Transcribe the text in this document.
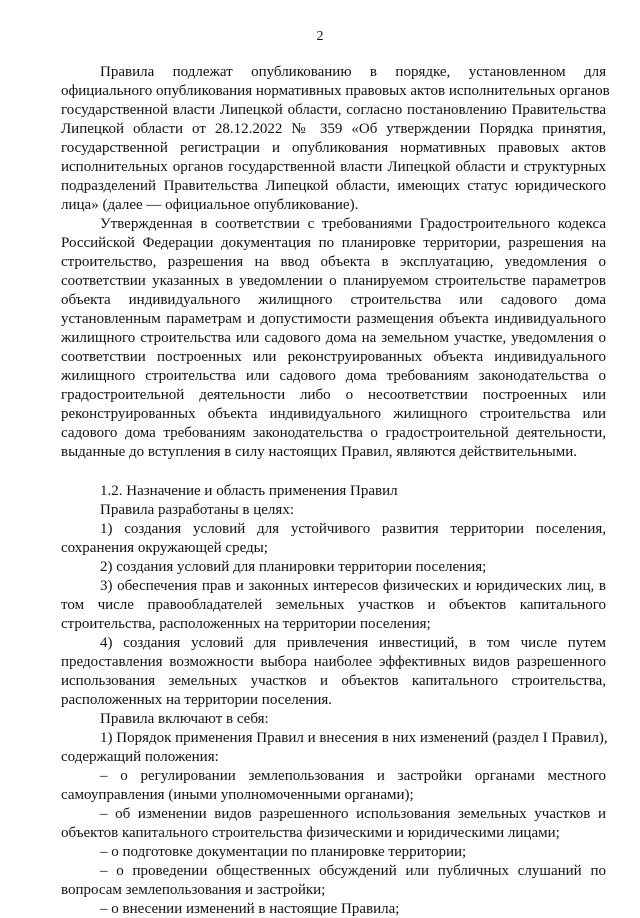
2
Правила подлежат опубликованию в порядке, установленном для
официального опубликования нормативных правовых актов исполнительных органов
государственной власти Липецкой области, согласно постановлению Правительства
Липецкой области от 28.12.2022 № 359 «Об утверждении Порядка принятия,
государственной регистрации и опубликования нормативных правовых актов
исполнительных органов государственной власти Липецкой области и структурных
подразделений Правительства Липецкой области, имеющих статус юридического
лица» (далее — официальное опубликование).
Утвержденная в соответствии с требованиями Градостроительного кодекса
Российской Федерации документация по планировке территории, разрешения на
строительство, разрешения на ввод объекта в эксплуатацию, уведомления о
соответствии указанных в уведомлении о планируемом строительстве параметров
объекта индивидуального жилищного строительства или садового дома
установленным параметрам и допустимости размещения объекта индивидуального
жилищного строительства или садового дома на земельном участке, уведомления о
соответствии построенных или реконструированных объекта индивидуального
жилищного строительства или садового дома требованиям законодательства о
градостроительной деятельности либо о несоответствии построенных или
реконструированных объекта индивидуального жилищного строительства или
садового дома требованиям законодательства о градостроительной деятельности,
выданные до вступления в силу настоящих Правил, являются действительными.
1.2. Назначение и область применения Правил
Правила разработаны в целях:
1) создания условий для устойчивого развития территории поселения,
сохранения окружающей среды;
2) создания условий для планировки территории поселения;
3) обеспечения прав и законных интересов физических и юридических лиц, в
том числе правообладателей земельных участков и объектов капитального
строительства, расположенных на территории поселения;
4) создания условий для привлечения инвестиций, в том числе путем
предоставления возможности выбора наиболее эффективных видов разрешенного
использования земельных участков и объектов капитального строительства,
расположенных на территории поселения.
Правила включают в себя:
1) Порядок применения Правил и внесения в них изменений (раздел I Правил),
содержащий положения:
– о регулировании землепользования и застройки органами местного
самоуправления (иными уполномоченными органами);
– об изменении видов разрешенного использования земельных участков и
объектов капитального строительства физическими и юридическими лицами;
– о подготовке документации по планировке территории;
– о проведении общественных обсуждений или публичных слушаний по
вопросам землепользования и застройки;
– о внесении изменений в настоящие Правила;
